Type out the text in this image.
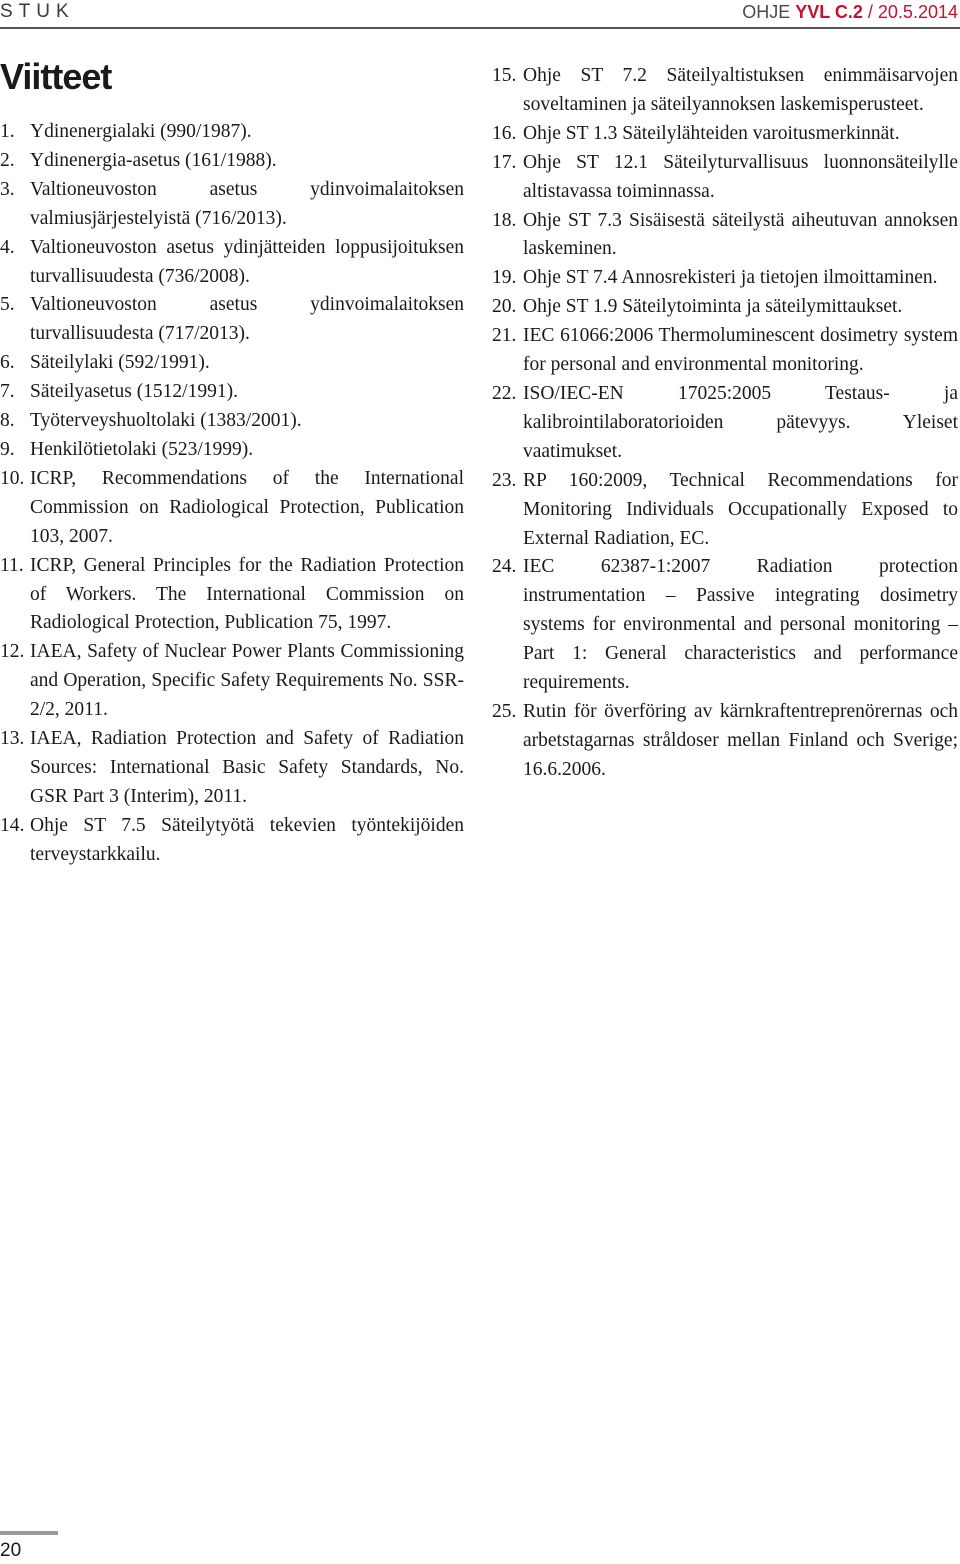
STUK	OHJE YVL C.2 / 20.5.2014
Viitteet
1. Ydinenergialaki (990/1987).
2. Ydinenergia-asetus (161/1988).
3. Valtioneuvoston asetus ydinvoimalaitoksen valmiusjärjestelyistä (716/2013).
4. Valtioneuvoston asetus ydinjätteiden loppusijoituksen turvallisuudesta (736/2008).
5. Valtioneuvoston asetus ydinvoimalaitoksen turvallisuudesta (717/2013).
6. Säteilylaki (592/1991).
7. Säteilyasetus (1512/1991).
8. Työterveyshuoltolaki (1383/2001).
9. Henkilötietolaki (523/1999).
10. ICRP, Recommendations of the International Commission on Radiological Protection, Publication 103, 2007.
11. ICRP, General Principles for the Radiation Protection of Workers. The International Commission on Radiological Protection, Publication 75, 1997.
12. IAEA, Safety of Nuclear Power Plants Commissioning and Operation, Specific Safety Requirements No. SSR-2/2, 2011.
13. IAEA, Radiation Protection and Safety of Radiation Sources: International Basic Safety Standards, No. GSR Part 3 (Interim), 2011.
14. Ohje ST 7.5 Säteilytyötä tekevien työntekijöiden terveystarkkailu.
15. Ohje ST 7.2 Säteilyaltistuksen enimmäisarvojen soveltaminen ja säteilyannoksen laskemisperusteet.
16. Ohje ST 1.3 Säteilylähteiden varoitusmerkinnät.
17. Ohje ST 12.1 Säteilyturvallisuus luonnonsäteilylle altistavassa toiminnassa.
18. Ohje ST 7.3 Sisäisestä säteilystä aiheutuvan annoksen laskeminen.
19. Ohje ST 7.4 Annosrekisteri ja tietojen ilmoittaminen.
20. Ohje ST 1.9 Säteilytoiminta ja säteilymittaukset.
21. IEC 61066:2006 Thermoluminescent dosimetry system for personal and environmental monitoring.
22. ISO/IEC-EN 17025:2005 Testaus- ja kalibrointilaboratorioiden pätevyys. Yleiset vaatimukset.
23. RP 160:2009, Technical Recommendations for Monitoring Individuals Occupationally Exposed to External Radiation, EC.
24. IEC 62387-1:2007 Radiation protection instrumentation – Passive integrating dosimetry systems for environmental and personal monitoring – Part 1: General characteristics and performance requirements.
25. Rutin för överföring av kärnkraftentreprenörernas och arbetstagarnas stråldoser mellan Finland och Sverige; 16.6.2006.
20
